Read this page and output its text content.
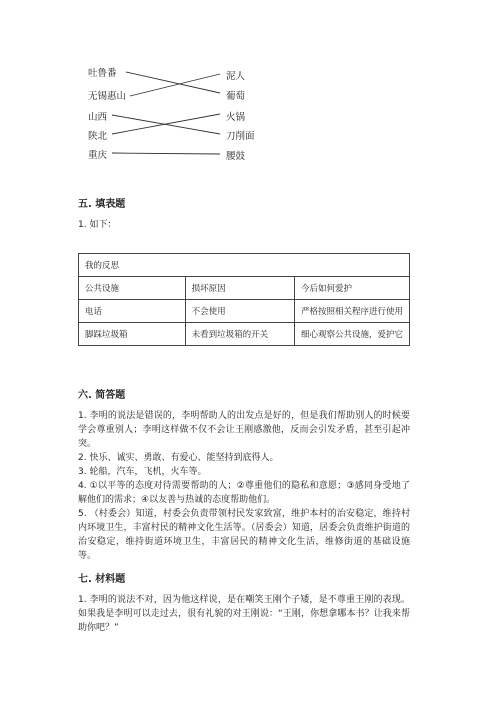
吐鲁番
无锡惠山
山西
陕北
重庆
泥人
葡萄
火锅
刀削面
腰鼓
五. 填表题
1. 如下：
我的反思		
公共设施	损坏原因	今后如何爱护
电话	不会使用	严格按照相关程序进行使用
脚踩垃圾箱	未看到垃圾箱的开关	细心观察公共设施，爱护它
六. 简答题

1. 李明的说法是错误的，李明帮助人的出发点是好的，但是我们帮助别人的时候要学会尊重别人；李明这样做不仅不会让王刚感激他，反而会引发矛盾，甚至引起冲突。

2. 快乐、诚实、勇敢、有爱心、能坚持到底得人。

3. 轮船，汽车，飞机，火车等。

4. ①以平等的态度对待需要帮助的人；②尊重他们的隐私和意愿；③感同身受地了解他们的需求；④以友善与热诚的态度帮助他们。

5. （村委会）知道，村委会负责带领村民发家致富，维护本村的治安稳定，维持村内环境卫生，丰富村民的精神文化生活等。（居委会）知道，居委会负责维护街道的治安稳定，维持街道环境卫生，丰富居民的精神文化生活，维修街道的基础设施等。

七. 材料题

1. 李明的说法不对，因为他这样说，是在嘲笑王刚个子矮，是不尊重王刚的表现。如果我是李明可以走过去，很有礼貌的对王刚说：“王刚，你想拿哪本书？让我来帮助你吧？”
